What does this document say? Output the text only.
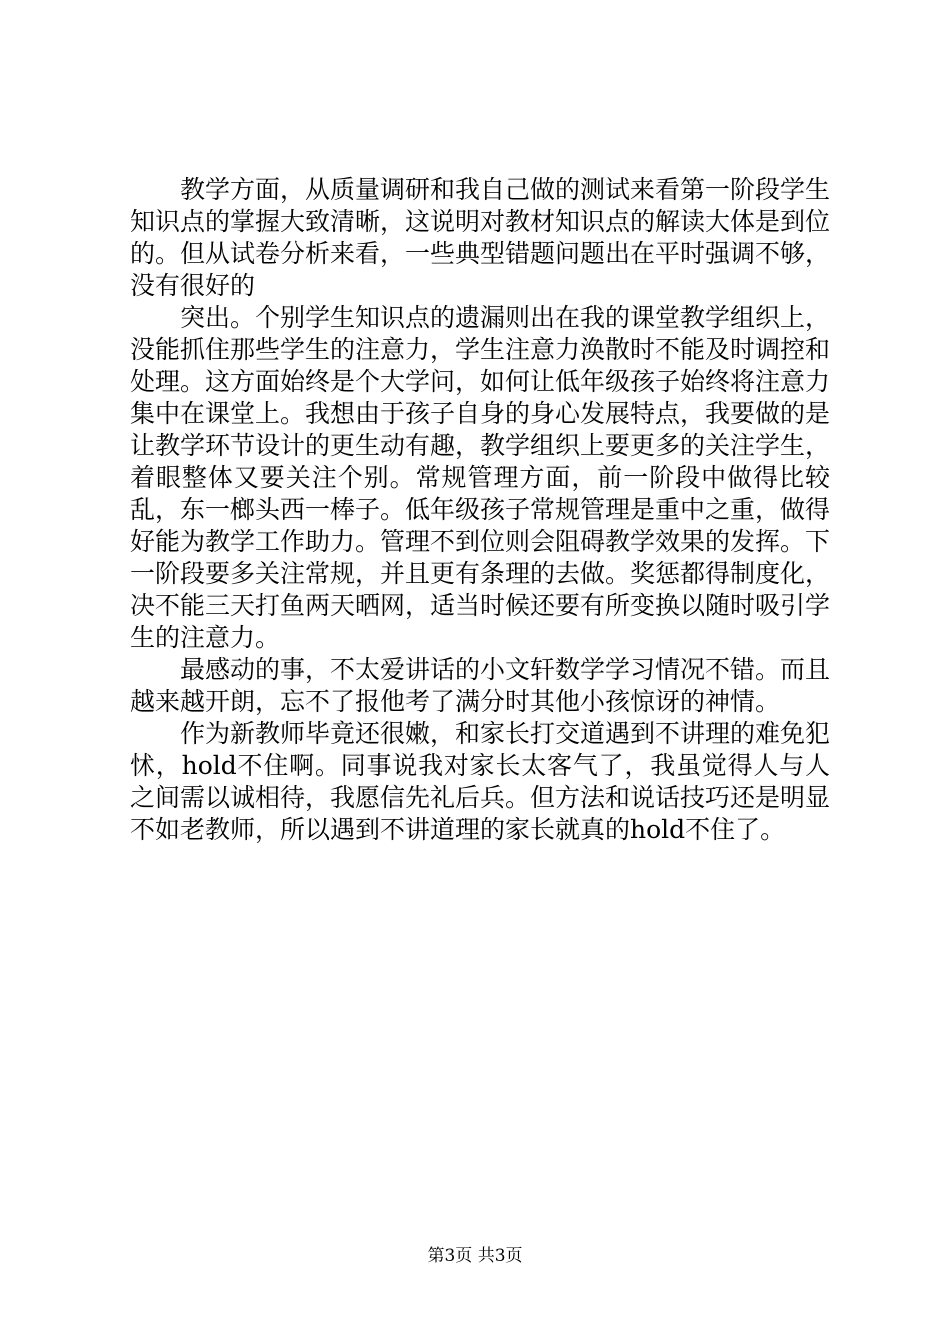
教学方面，从质量调研和我自己做的测试来看第一阶段学生知识点的掌握大致清晰，这说明对教材知识点的解读大体是到位的。但从试卷分析来看，一些典型错题问题出在平时强调不够，没有很好的

突出。个别学生知识点的遗漏则出在我的课堂教学组织上，没能抓住那些学生的注意力，学生注意力涣散时不能及时调控和处理。这方面始终是个大学问，如何让低年级孩子始终将注意力集中在课堂上。我想由于孩子自身的身心发展特点，我要做的是让教学环节设计的更生动有趣，教学组织上要更多的关注学生，着眼整体又要关注个别。常规管理方面，前一阶段中做得比较乱，东一榔头西一棒子。低年级孩子常规管理是重中之重，做得好能为教学工作助力。管理不到位则会阻碍教学效果的发挥。下一阶段要多关注常规，并且更有条理的去做。奖惩都得制度化，决不能三天打鱼两天晒网，适当时候还要有所变换以随时吸引学生的注意力。

最感动的事，不太爱讲话的小文轩数学学习情况不错。而且越来越开朗，忘不了报他考了满分时其他小孩惊讶的神情。

作为新教师毕竟还很嫩，和家长打交道遇到不讲理的难免犯怵，hold不住啊。同事说我对家长太客气了，我虽觉得人与人之间需以诚相待，我愿信先礼后兵。但方法和说话技巧还是明显不如老教师，所以遇到不讲道理的家长就真的hold不住了。

第3页 共3页
